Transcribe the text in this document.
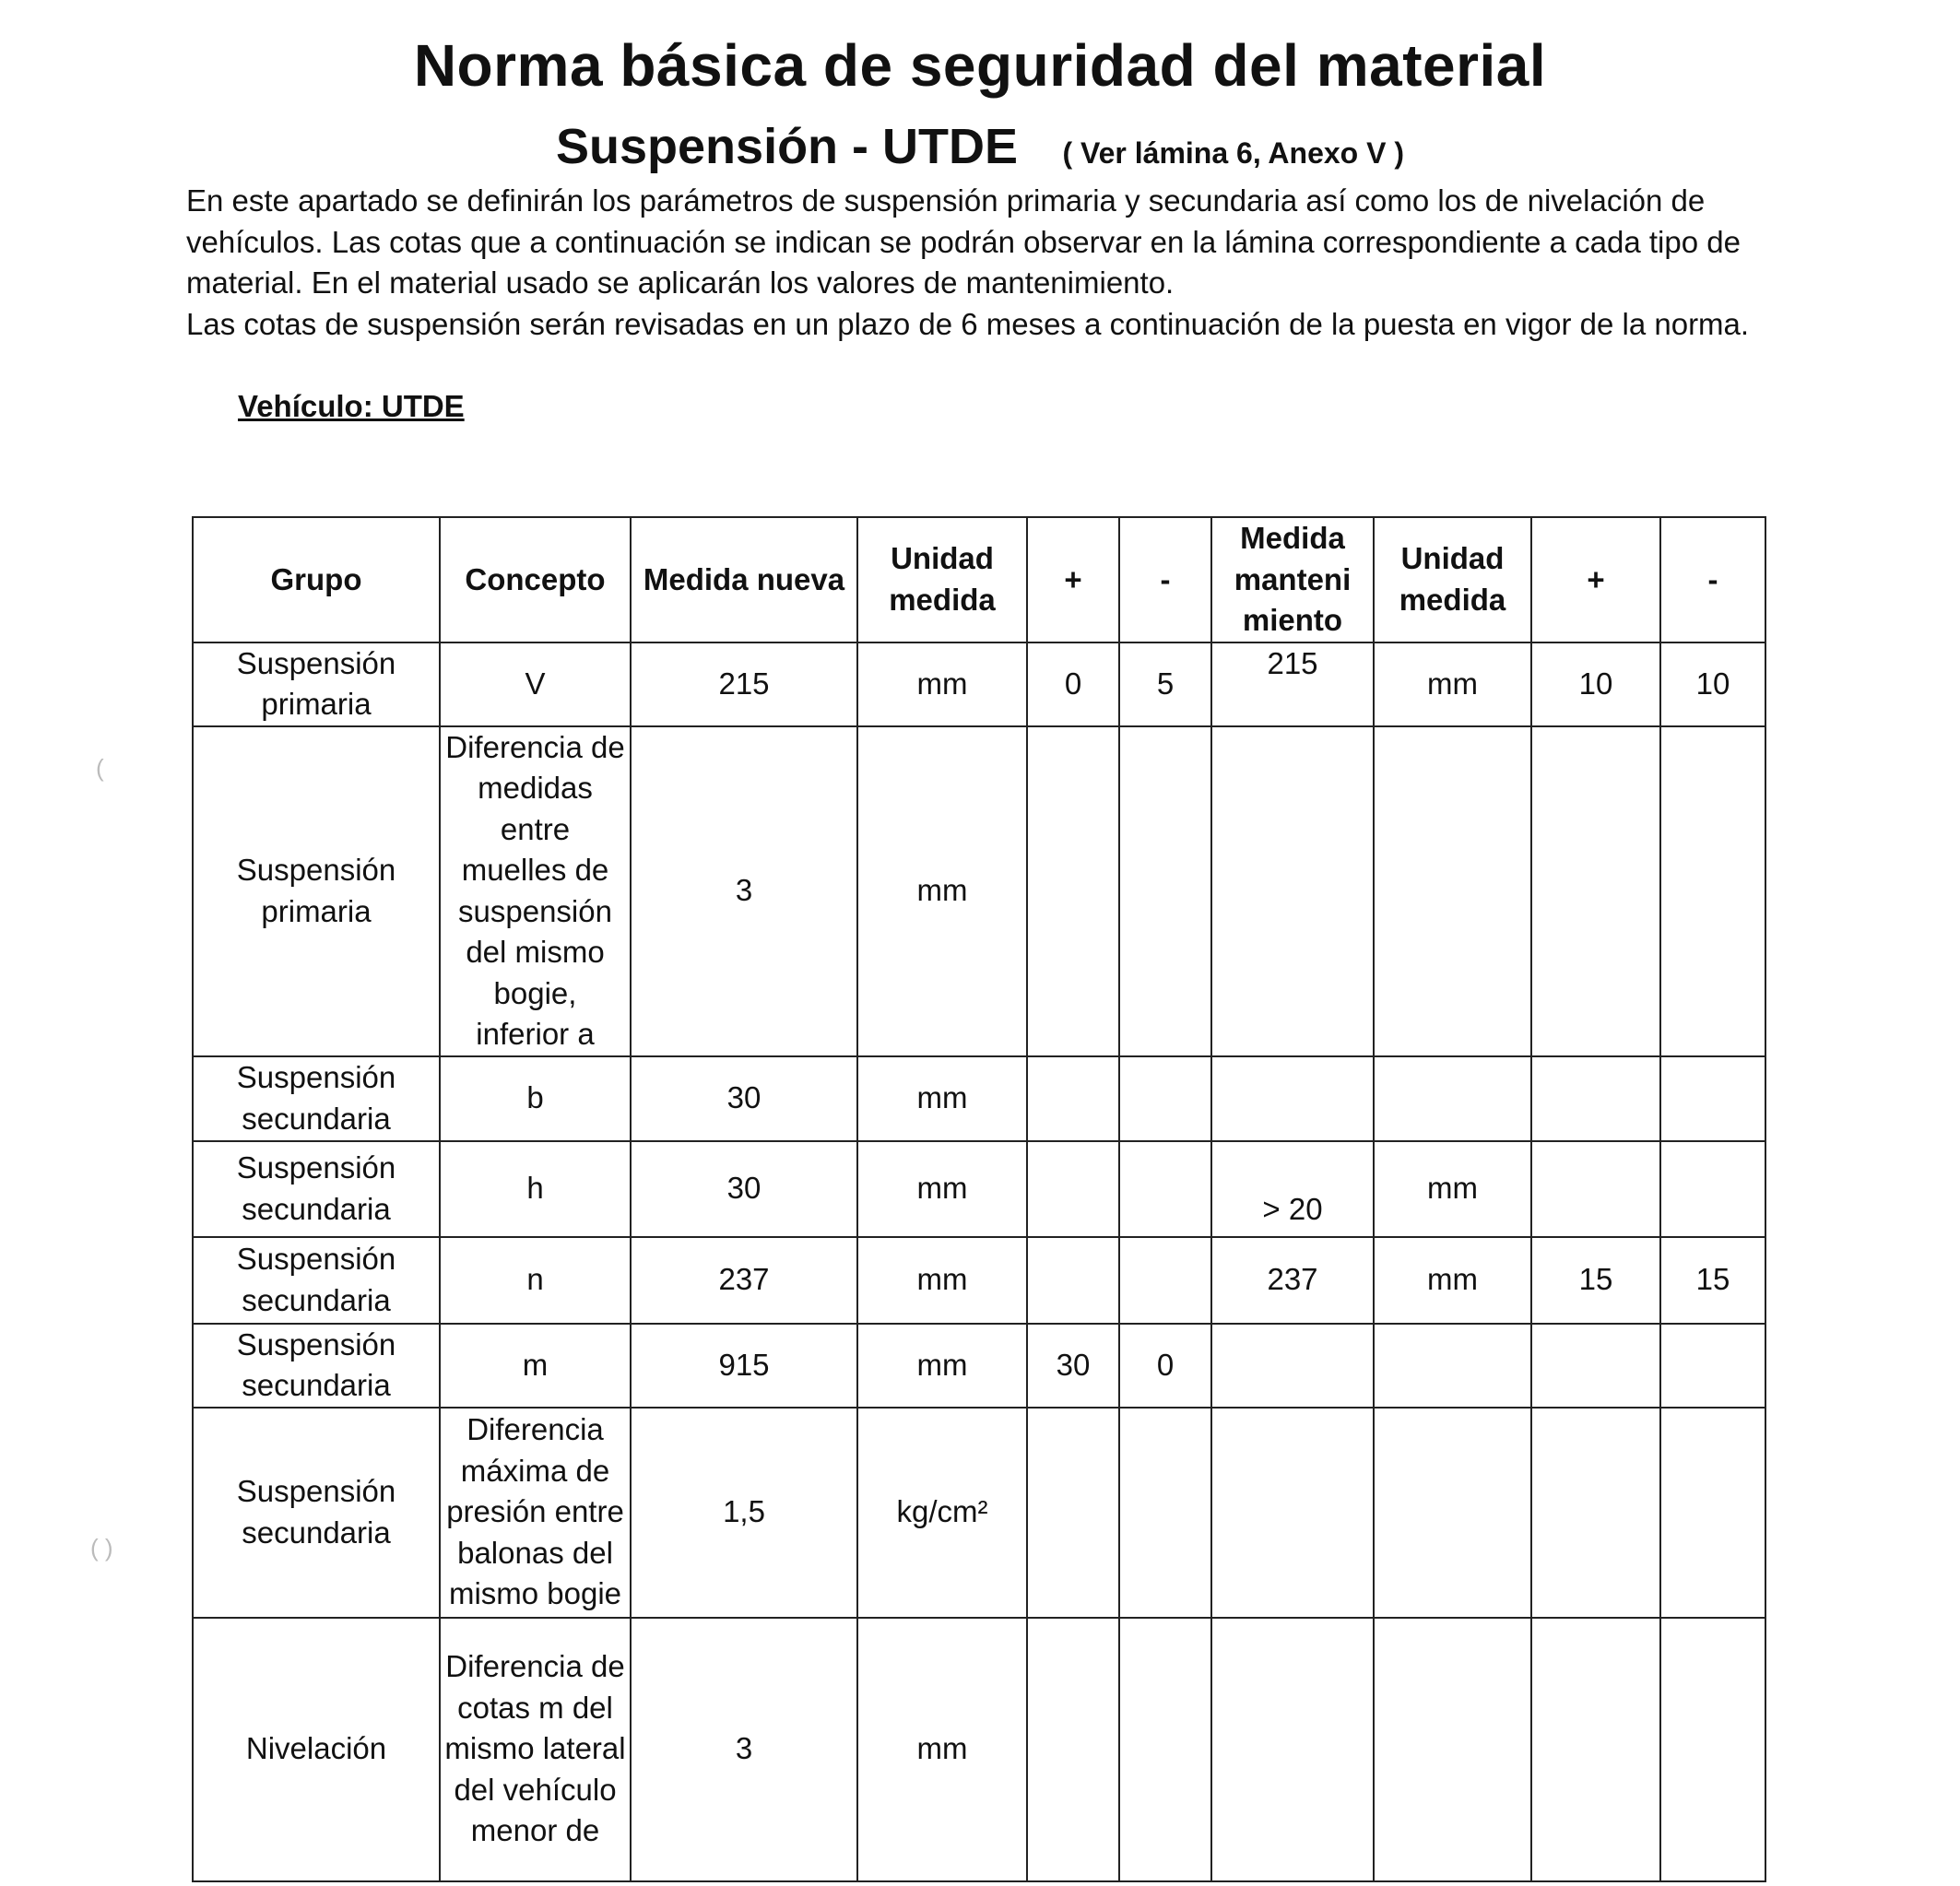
Norma básica de seguridad del material
Suspensión - UTDE ( Ver lámina 6, Anexo V )

En este apartado se definirán los parámetros de suspensión primaria y secundaria así como los de nivelación de vehículos. Las cotas que a continuación se indican se podrán observar en la lámina correspondiente a cada tipo de material. En el material usado se aplicarán los valores de mantenimiento.

Las cotas de suspensión serán revisadas en un plazo de 6 meses a continuación de la puesta en vigor de la norma.

Vehículo: UTDE
(
( )
Grupo	Concepto	Medida nueva	Unidad medida	+	-	Medida manteni miento	Unidad medida	+	-
Suspensión primaria	V	215	mm	0	5	215	mm	10	10
Suspensión primaria	Diferencia de medidas entre muelles de suspensión del mismo bogie, inferior a	3	mm						
Suspensión secundaria	b	30	mm						
Suspensión secundaria	h	30	mm			> 20	mm		
Suspensión secundaria	n	237	mm			237	mm	15	15
Suspensión secundaria	m	915	mm	30	0				
Suspensión secundaria	Diferencia máxima de presión entre balonas del mismo bogie	1,5	kg/cm²						
Nivelación	Diferencia de cotas m del mismo lateral del vehículo menor de	3	mm						
